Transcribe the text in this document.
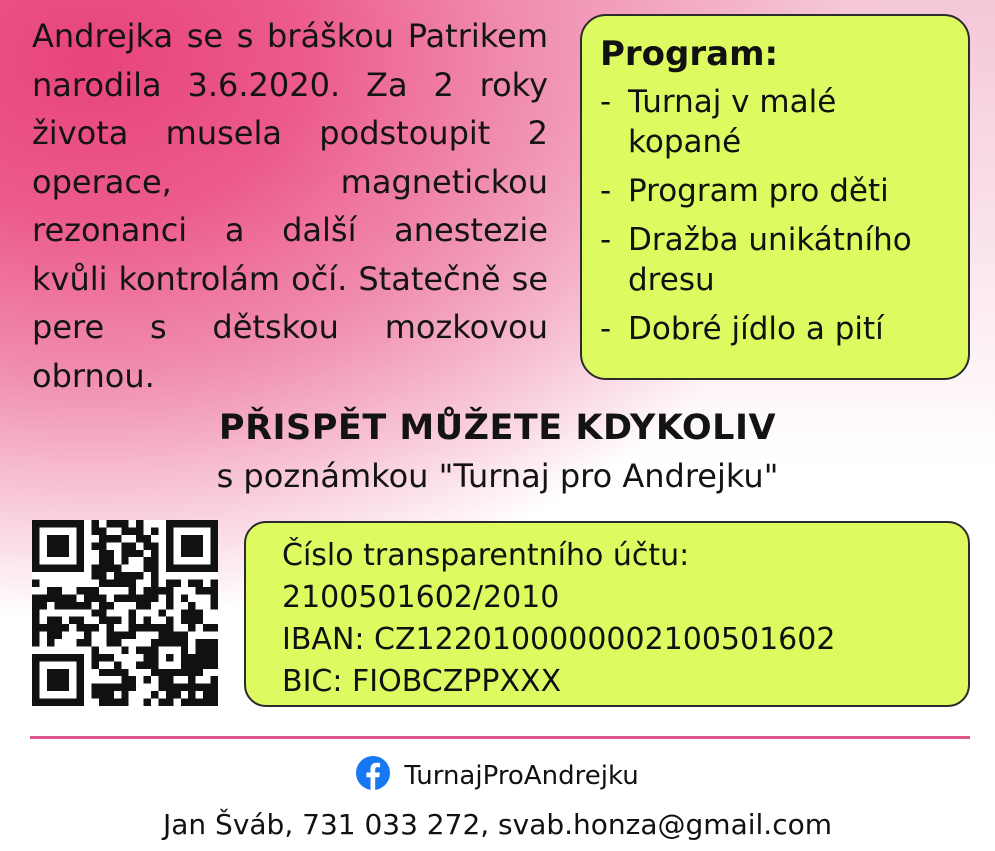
Andrejka se s bráškou Patrikem narodila 3.6.2020. Za 2 roky života musela podstoupit 2 operace, magnetickou rezonanci a další anestezie kvůli kontrolám očí. Statečně se pere s dětskou mozkovou obrnou.
Program:
- Turnaj v malé kopané
- Program pro děti
- Dražba unikátního dresu
- Dobré jídlo a pití
PŘISPĚT MŮŽETE KDYKOLIV
s poznámkou "Turnaj pro Andrejku"
Číslo transparentního účtu:
2100501602/2010
IBAN: CZ1220100000002100501602
BIC: FIOBCZPPXXX
TurnajProAndrejku
Jan Šváb, 731 033 272, svab.honza@gmail.com
